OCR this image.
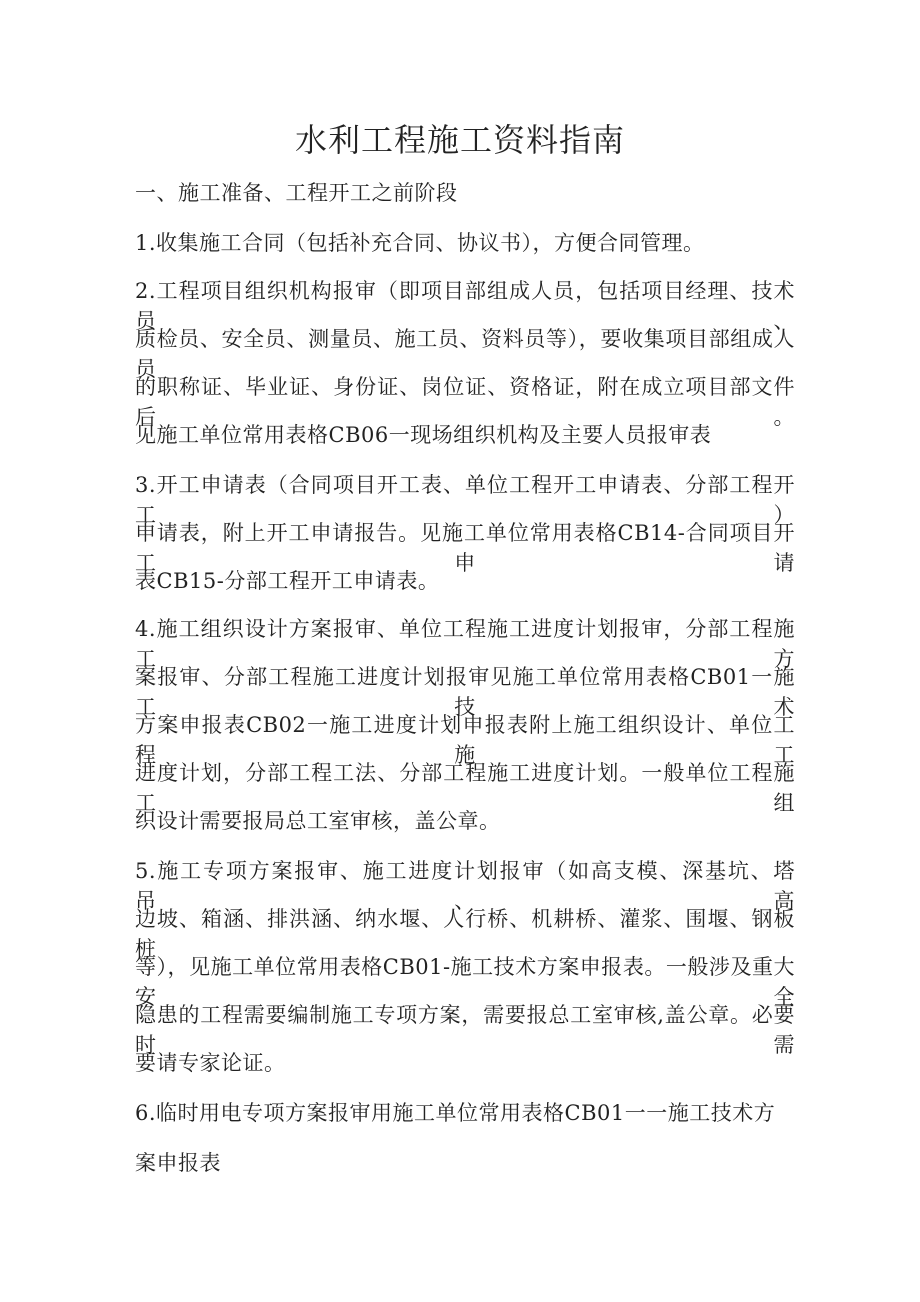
水利工程施工资料指南
一、施工准备、工程开工之前阶段
1.收集施工合同（包括补充合同、协议书），方便合同管理。
2.工程项目组织机构报审（即项目部组成人员，包括项目经理、技术员、
质检员、安全员、测量员、施工员、资料员等），要收集项目部组成人员
的职称证、毕业证、身份证、岗位证、资格证，附在成立项目部文件后。
见施工单位常用表格CB06一现场组织机构及主要人员报审表
3.开工申请表（合同项目开工表、单位工程开工申请表、分部工程开工）
申请表，附上开工申请报告。见施工单位常用表格CB14-合同项目开工申请
表CB15-分部工程开工申请表。
4.施工组织设计方案报审、单位工程施工进度计划报审，分部工程施工方
案报审、分部工程施工进度计划报审见施工单位常用表格CB01一施工技术
方案申报表CB02一施工进度计划申报表附上施工组织设计、单位工程施工
进度计划，分部工程工法、分部工程施工进度计划。一般单位工程施工组
织设计需要报局总工室审核，盖公章。
5.施工专项方案报审、施工进度计划报审（如高支模、深基坑、塔吊、高
边坡、箱涵、排洪涵、纳水堰、人行桥、机耕桥、灌浆、围堰、钢板桩
等），见施工单位常用表格CB01-施工技术方案申报表。一般涉及重大安全
隐患的工程需要编制施工专项方案，需要报总工室审核,盖公章。必要时需
要请专家论证。
6.临时用电专项方案报审用施工单位常用表格CB01一一施工技术方
案申报表
